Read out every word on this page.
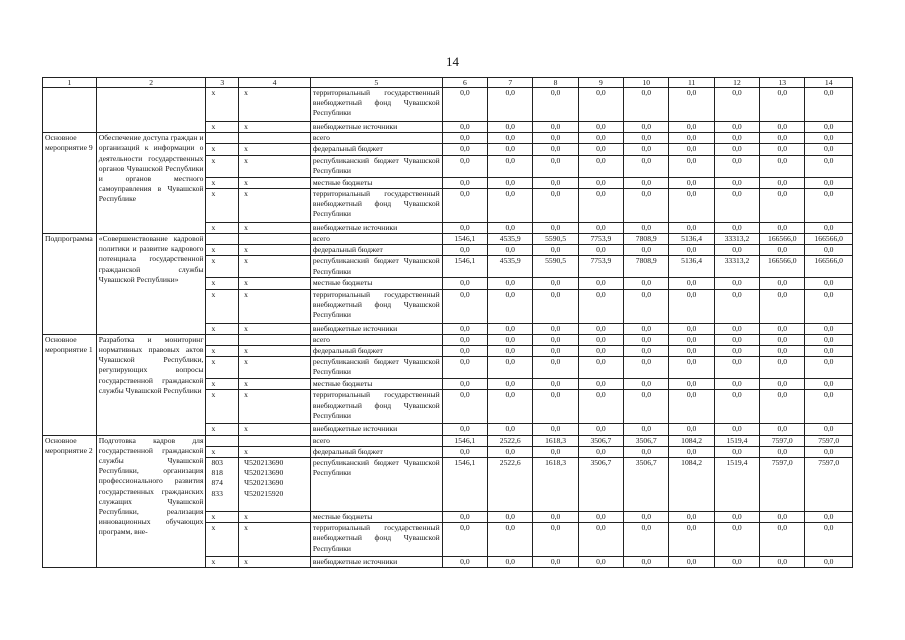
14
1	2	3	4	5	6	7	8	9	10	11	12	13	14
		x	x	территориальный государственный внебюджетный фонд Чувашской Республики	0,0	0,0	0,0	0,0	0,0	0,0	0,0	0,0	0,0
		x	x	внебюджетные источники	0,0	0,0	0,0	0,0	0,0	0,0	0,0	0,0	0,0
Основное мероприятие 9	Обеспечение доступа граждан и организаций к информации о деятельности государственных органов Чувашской Республики и органов местного самоуправления в Чувашской Республике			всего	0,0	0,0	0,0	0,0	0,0	0,0	0,0	0,0	0,0
		x	x	федеральный бюджет	0,0	0,0	0,0	0,0	0,0	0,0	0,0	0,0	0,0
		x	x	республиканский бюджет Чувашской Республики	0,0	0,0	0,0	0,0	0,0	0,0	0,0	0,0	0,0
		x	x	местные бюджеты	0,0	0,0	0,0	0,0	0,0	0,0	0,0	0,0	0,0
		x	x	территориальный государственный внебюджетный фонд Чувашской Республики	0,0	0,0	0,0	0,0	0,0	0,0	0,0	0,0	0,0
		x	x	внебюджетные источники	0,0	0,0	0,0	0,0	0,0	0,0	0,0	0,0	0,0
Подпрограмма	«Совершенствование кадровой политики и развитие кадрового потенциала государственной гражданской службы Чувашской Республики»			всего	1546,1	4535,9	5590,5	7753,9	7808,9	5136,4	33313,2	166566,0	166566,0
		x	x	федеральный бюджет	0,0	0,0	0,0	0,0	0,0	0,0	0,0	0,0	0,0
		x	x	республиканский бюджет Чувашской Республики	1546,1	4535,9	5590,5	7753,9	7808,9	5136,4	33313,2	166566,0	166566,0
		x	x	местные бюджеты	0,0	0,0	0,0	0,0	0,0	0,0	0,0	0,0	0,0
		x	x	территориальный государственный внебюджетный фонд Чувашской Республики	0,0	0,0	0,0	0,0	0,0	0,0	0,0	0,0	0,0
		x	x	внебюджетные источники	0,0	0,0	0,0	0,0	0,0	0,0	0,0	0,0	0,0
Основное мероприятие 1	Разработка и мониторинг нормативных правовых актов Чувашской Республики, регулирующих вопросы государственной гражданской службы Чувашской Республики			всего	0,0	0,0	0,0	0,0	0,0	0,0	0,0	0,0	0,0
		x	x	федеральный бюджет	0,0	0,0	0,0	0,0	0,0	0,0	0,0	0,0	0,0
		x	x	республиканский бюджет Чувашской Республики	0,0	0,0	0,0	0,0	0,0	0,0	0,0	0,0	0,0
		x	x	местные бюджеты	0,0	0,0	0,0	0,0	0,0	0,0	0,0	0,0	0,0
		x	x	территориальный государственный внебюджетный фонд Чувашской Республики	0,0	0,0	0,0	0,0	0,0	0,0	0,0	0,0	0,0
		x	x	внебюджетные источники	0,0	0,0	0,0	0,0	0,0	0,0	0,0	0,0	0,0
Основное мероприятие 2	Подготовка кадров для государственной гражданской службы Чувашской Республики, организация профессионального развития государственных гражданских служащих Чувашской Республики, реализация инновационных обучающих программ, вне-			всего	1546,1	2522,6	1618,3	3506,7	3506,7	1084,2	1519,4	7597,0	7597,0
		x	x	федеральный бюджет	0,0	0,0	0,0	0,0	0,0	0,0	0,0	0,0	0,0
		803
818
874
833	Ч520213690
Ч520213690
Ч520213690
Ч520215920	республиканский бюджет Чувашской Республики	1546,1	2522,6	1618,3	3506,7	3506,7	1084,2	1519,4	7597,0	7597,0
		x	x	местные бюджеты	0,0	0,0	0,0	0,0	0,0	0,0	0,0	0,0	0,0
		x	x	территориальный государственный внебюджетный фонд Чувашской Республики	0,0	0,0	0,0	0,0	0,0	0,0	0,0	0,0	0,0
		x	x	внебюджетные источники	0,0	0,0	0,0	0,0	0,0	0,0	0,0	0,0	0,0
